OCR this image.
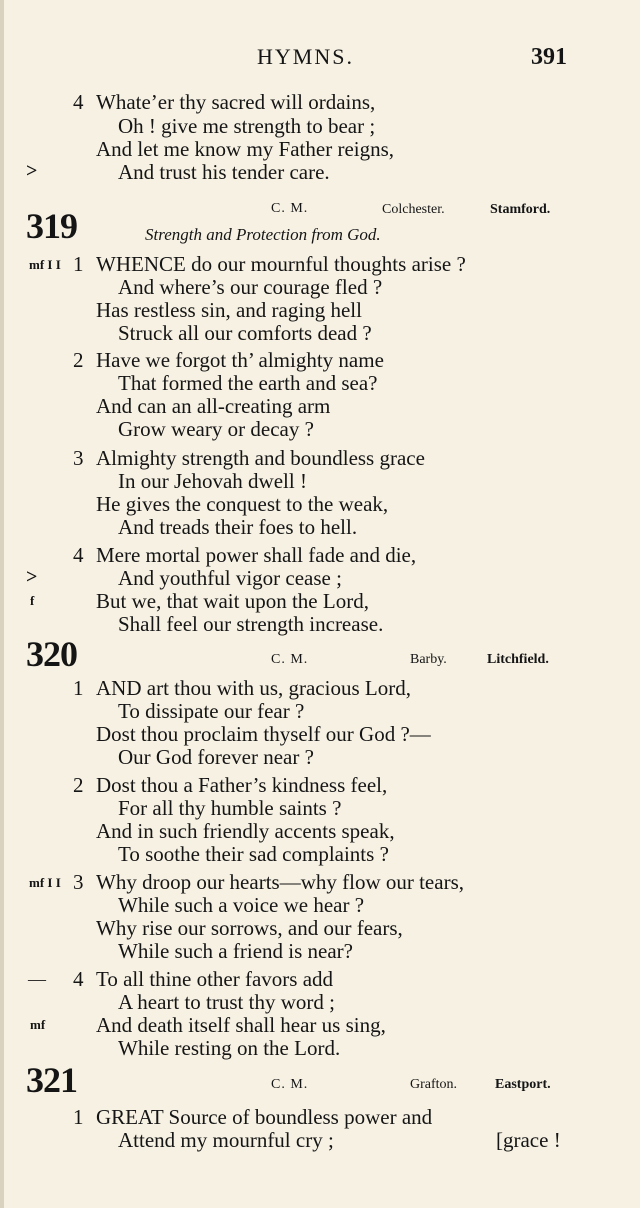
HYMNS.	391
4 Whate’er thy sacred will ordains,
Oh ! give me strength to bear ;
And let me know my Father reigns,
>	And trust his tender care.
319	C. M.	Colchester.	Stamford.
Strength and Protection from God.
mf I I 1 WHENCE do our mournful thoughts arise ?
And where’s our courage fled ?
Has restless sin, and raging hell
Struck all our comforts dead ?
2 Have we forgot th’ almighty name
That formed the earth and sea?
And can an all-creating arm
Grow weary or decay ?
3 Almighty strength and boundless grace
In our Jehovah dwell !
He gives the conquest to the weak,
And treads their foes to hell.
4 Mere mortal power shall fade and die,
>	And youthful vigor cease ;
f	But we, that wait upon the Lord,
Shall feel our strength increase.
320	C. M.	Barby.	Litchfield.
1 AND art thou with us, gracious Lord,
To dissipate our fear ?
Dost thou proclaim thyself our God ?—
Our God forever near ?
2 Dost thou a Father’s kindness feel,
For all thy humble saints ?
And in such friendly accents speak,
To soothe their sad complaints ?
mf I I 3 Why droop our hearts—why flow our tears,
While such a voice we hear ?
Why rise our sorrows, and our fears,
While such a friend is near?
— 4 To all thine other favors add
A heart to trust thy word ;
mf And death itself shall hear us sing,
While resting on the Lord.
321	C. M.	Grafton.	Eastport.
1 GREAT Source of boundless power and
Attend my mournful cry ;	[grace !
